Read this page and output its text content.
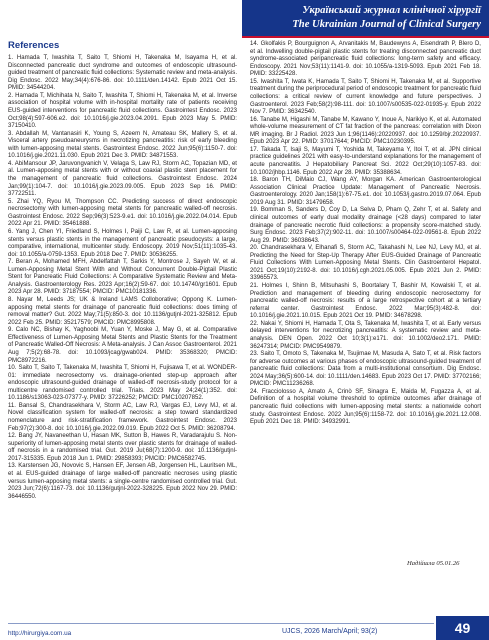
Український журнал клінічної хірургії
The Ukrainian Journal of Clinical Surgery
References
1. Hamada T, Iwashita T, Saito T, Shiomi H, Takenaka M, Isayama H, et al. Disconnected pancreatic duct syndrome and outcomes of endoscopic ultrasound-guided treatment of pancreatic fluid collections: Systematic review and meta-analysis. Dig Endosc. 2022 May;34(4):676-86. doi: 10.1111/den.14142. Epub 2021 Oct 15. PMID: 34544204.
2. Hamada T, Michihata N, Saito T, Iwashita T, Shiomi H, Takenaka M, et al. Inverse association of hospital volume with in-hospital mortality rate of patients receiving EUS-guided interventions for pancreatic fluid collections. Gastrointest Endosc. 2023 Oct;98(4):597-606.e2. doi: 10.1016/j.gie.2023.04.2091. Epub 2023 May 5. PMID: 37150410.
3. Abdallah M, Vantanasiri K, Young S, Azeem N, Amateau SK, Mallery S, et al. Visceral artery pseudoaneurysms in necrotizing pancreatitis: risk of early bleeding with lumen-apposing metal stents. Gastrointest Endosc. 2022 Jun;95(6):1150-7. doi: 10.1016/j.gie.2021.11.030. Epub 2021 Dec 3. PMID: 34871553.
4. AbiMansour JP, Jaruvongvanich V, Velaga S, Law RJ, Storm AC, Topazian MD, et al. Lumen-apposing metal stents with or without coaxial plastic stent placement for the management of pancreatic fluid collections. Gastrointest Endosc. 2024 Jan;99(1):104-7. doi: 10.1016/j.gie.2023.09.005. Epub 2023 Sep 16. PMID: 37722511.
5. Zhai YQ, Ryou M, Thompson CC. Predicting success of direct endoscopic necrosectomy with lumen-apposing metal stents for pancreatic walled-off necrosis. Gastrointest Endosc. 2022 Sep;96(3):523-9.e1. doi: 10.1016/j.gie.2022.04.014. Epub 2022 Apr 21. PMID: 35461888.
6. Yang J, Chen YI, Friedland S, Holmes I, Paiji C, Law R, et al. Lumen-apposing stents versus plastic stents in the management of pancreatic pseudocysts: a large, comparative, international, multicenter study. Endoscopy. 2019 Nov;51(11):1035-43. doi: 10.1055/a-0759-1353. Epub 2018 Dec 7. PMID: 30536255.
7. Beran A, Mohamed MFH, Abdelfattah T, Sarkis Y, Montrose J, Sayeh W, et al. Lumen-Apposing Metal Stent With and Without Concurrent Double-Pigtail Plastic Stent for Pancreatic Fluid Collections: A Comparative Systematic Review and Meta-Analysis. Gastroenterology Res. 2023 Apr;16(2):59-67. doi: 10.14740/gr1601. Epub 2023 Apr 28. PMID: 37187554; PMCID: PMC10181336.
8. Nayar M, Leeds JS; UK & Ireland LAMS Colloborative; Oppong K. Lumen-apposing metal stents for drainage of pancreatic fluid collections: does timing of removal matter? Gut. 2022 May;71(5):850-3. doi: 10.1136/gutjnl-2021-325812. Epub 2022 Feb 25. PMID: 35217579; PMCID: PMC8995808.
9. Calo NC, Bishay K, Yaghoobi M, Yuan Y, Moske J, May G, et al. Comparative Effectiveness of Lumen-Apposing Metal Stents and Plastic Stents for the Treatment of Pancreatic Walled-Off Necrosis: A Meta-analysis. J Can Assoc Gastroenterol. 2021 Aug 7;5(2):68-78. doi: 10.1093/jcag/gwab024. PMID: 35368320; PMCID: PMC8972216.
10. Saito T, Saito T, Takenaka M, Iwashita T, Shiomi H, Fujisawa T, et al. WONDER-01: immediate necrosectomy vs. drainage-oriented step-up approach after endoscopic ultrasound-guided drainage of walled-off necrosis-study protocol for a multicentre randomised controlled trial. Trials. 2023 May 24;24(1):352. doi: 10.1186/s13063-023-07377-y. PMID: 37226252; PMCID: PMC10207852.
11. Bansal S, Chandrasekhara V, Storm AC, Law RJ, Vargas EJ, Levy MJ, et al. Novel classification system for walled-off necrosis: a step toward standardized nomenclature and risk-stratification framework. Gastrointest Endosc. 2023 Feb;97(2):300-8. doi: 10.1016/j.gie.2022.09.019. Epub 2022 Oct 5. PMID: 36208794.
12. Bang JY, Navaneethan U, Hasan MK, Sutton B, Hawes R, Varadarajulu S. Non-superiority of lumen-apposing metal stents over plastic stents for drainage of walled-off necrosis in a randomised trial. Gut. 2019 Jul;68(7):1200-9. doi: 10.1136/gutjnl-2017-315335. Epub 2018 Jun 1. PMID: 29858393; PMCID: PMC6582745.
13. Karstensen JG, Novovic S, Hansen EF, Jensen AB, Jorgensen HL, Lauritsen ML, et al. EUS-guided drainage of large walled-off pancreatic necroses using plastic versus lumen-apposing metal stents: a single-centre randomised controlled trial. Gut. 2023 Jun;72(6):1167-73. doi: 10.1136/gutjnl-2022-328225. Epub 2022 Nov 29. PMID: 36446550.
14. Gkolfakis P, Bourguignon A, Arvanitakis M, Baudewyns A, Eisendrath P, Blero D, et al. Indwelling double-pigtail plastic stents for treating disconnected pancreatic duct syndrome-associated peripancreatic fluid collections: long-term safety and efficacy. Endoscopy. 2021 Nov;53(11):1141-9. doi: 10.1055/a-1319-5093. Epub 2021 Feb 18. PMID: 33225428.
15. Iwashita T, Iwata K, Hamada T, Saito T, Shiomi H, Takenaka M, et al. Supportive treatment during the periprocedural period of endoscopic treatment for pancreatic fluid collections: a critical review of current knowledge and future perspectives. J Gastroenterol. 2023 Feb;58(2):98-111. doi: 10.1007/s00535-022-01935-y. Epub 2022 Nov 7. PMID: 36342540.
16. Tanabe M, Higashi M, Tanabe M, Kawano Y, Inoue A, Narikiyo K, et al. Automated whole-volume measurement of CT fat fraction of the pancreas: correlation with Dixon MR imaging. Br J Radiol. 2023 Jun 1;96(1146):20220937. doi: 10.1259/bjr.20220937. Epub 2023 Apr 22. PMID: 37017644; PMCID: PMC10230395.
17. Takada T, Isaji S, Mayumi T, Yoshida M, Takeyama Y, Itoi T, et al. JPN clinical practice guidelines 2021 with easy-to-understand explanations for the management of acute pancreatitis. J Hepatobiliary Pancreat Sci. 2022 Oct;29(10):1057-83. doi: 10.1002/jhbp.1146. Epub 2022 Apr 28. PMID: 35388634.
18. Baron TH, DiMaio CJ, Wang AY, Morgan KA. American Gastroenterological Association Clinical Practice Update: Management of Pancreatic Necrosis. Gastroenterology. 2020 Jan;158(1):67-75.e1. doi: 10.1053/j.gastro.2019.07.064. Epub 2019 Aug 31. PMID: 31479658.
19. Bomman S, Sanders D, Coy D, La Selva D, Pham Q, Zehr T, et al. Safety and clinical outcomes of early dual modality drainage (<28 days) compared to later drainage of pancreatic necrotic fluid collections: a propensity score-matched study. Surg Endosc. 2023 Feb;37(2):902-11. doi: 10.1007/s00464-022-09561-8. Epub 2022 Aug 29. PMID: 36038643.
20. Chandrasekhara V, Elhanafi S, Storm AC, Takahashi N, Lee NJ, Levy MJ, et al. Predicting the Need for Step-Up Therapy After EUS-Guided Drainage of Pancreatic Fluid Collections With Lumen-Apposing Metal Stents. Clin Gastroenterol Hepatol. 2021 Oct;19(10):2192-8. doi: 10.1016/j.cgh.2021.05.005. Epub 2021 Jun 2. PMID: 33965573.
21. Holmes I, Shinn B, Mitsuhashi S, Boortalary T, Bashir M, Kowalski T, et al. Prediction and management of bleeding during endoscopic necrosectomy for pancreatic walled-off necrosis: results of a large retrospective cohort at a tertiary referral center. Gastrointest Endosc. 2022 Mar;95(3):482-8. doi: 10.1016/j.gie.2021.10.015. Epub 2021 Oct 19. PMID: 34678298.
22. Nakai Y, Shiomi H, Hamada T, Ota S, Takenaka M, Iwashita T, et al. Early versus delayed interventions for necrotizing pancreatitis: A systematic review and meta-analysis. DEN Open. 2022 Oct 10;3(1):e171. doi: 10.1002/deo2.171. PMID: 36247314; PMCID: PMC9549879.
23. Saito T, Omoto S, Takenaka M, Tsujimae M, Masuda A, Sato T, et al. Risk factors for adverse outcomes at various phases of endoscopic ultrasound-guided treatment of pancreatic fluid collections: Data from a multi-institutional consortium. Dig Endosc. 2024 May;36(5):600-14. doi: 10.1111/den.14683. Epub 2023 Oct 17. PMID: 37702166; PMCID: PMC11236268.
24. Fracciolosso A, Amato A, Crinò SF, Sinagra E, Maida M, Fugazza A, et al. Definition of a hospital volume threshold to optimize outcomes after drainage of pancreatic fluid collections with lumen-apposing metal stents: a nationwide cohort study. Gastrointest Endosc. 2022 Jun;95(6):1158-72. doi: 10.1016/j.gie.2021.12.008. Epub 2021 Dec 18. PMID: 34932991.
Надійшла 05.01.26
http://hirurgiya.com.ua	UJCS, 2026 March/April; 93(2)	49
